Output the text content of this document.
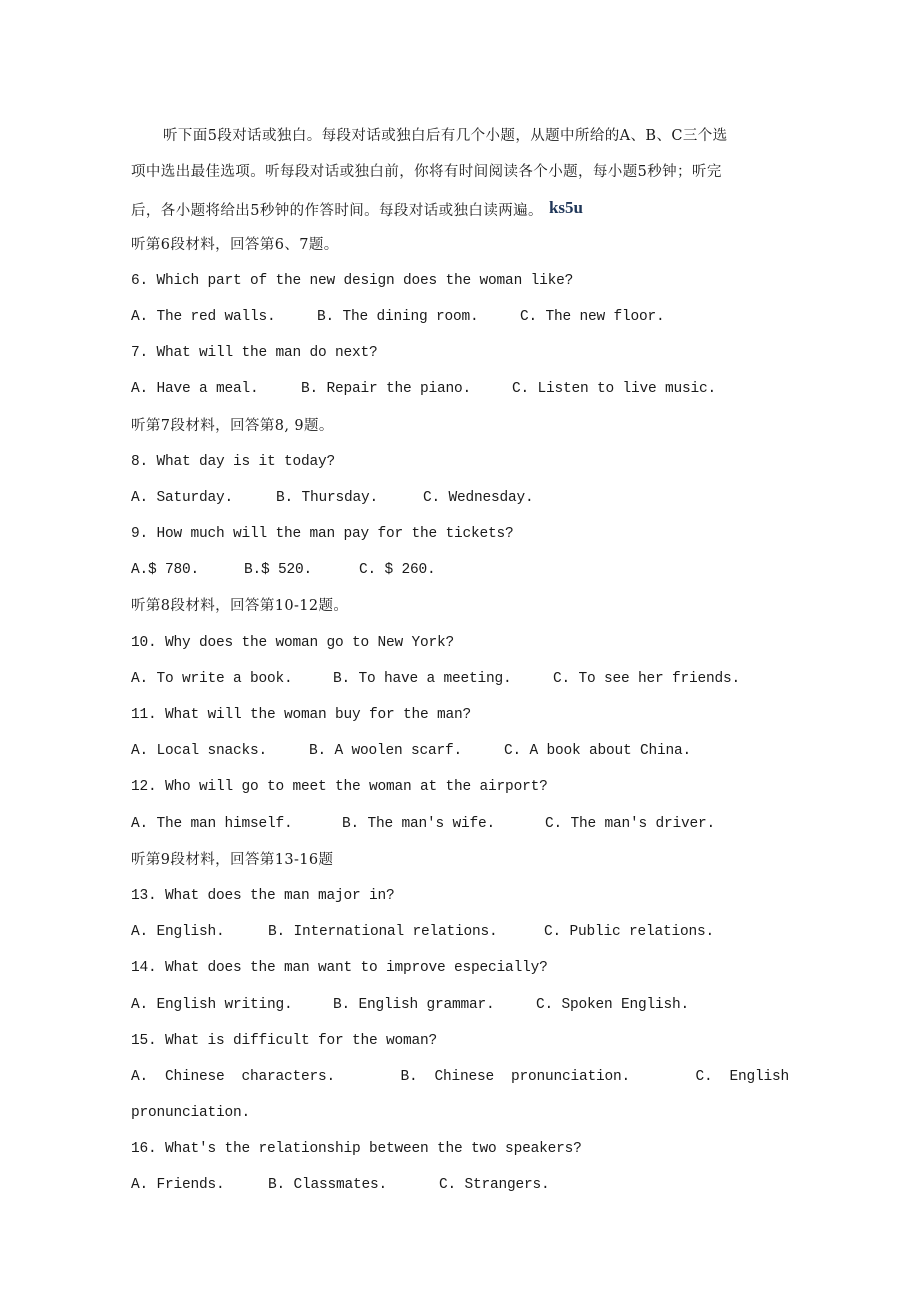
听下面5段对话或独白。每段对话或独白后有几个小题，从题中所给的A、B、C三个选
项中选出最佳选项。听每段对话或独白前，你将有时间阅读各个小题，每小题5秒钟；听完
后，各小题将给出5秒钟的作答时间。每段对话或独白读两遍。 ks5u
听第6段材料，回答第6、7题。
6. Which part of the new design does the woman like?
A. The red walls.	B. The dining room.	C. The new floor.
7. What will the man do next?
A. Have a meal.	B. Repair the piano.	C. Listen to live music.
听第7段材料，回答第8, 9题。
8. What day is it today?
A. Saturday.	B. Thursday.	C. Wednesday.
9. How much will the man pay for the tickets?
A.$ 780.	B.$ 520.	C. $ 260.
听第8段材料，回答第10-12题。
10. Why does the woman go to New York?
A. To write a book.	B. To have a meeting.	C. To see her friends.
11. What will the woman buy for the man?
A. Local snacks.	B. A woolen scarf.	C. A book about China.
12. Who will go to meet the woman at the airport?
A. The man himself.	B. The man's wife.	C. The man's driver.
听第9段材料，回答第13-16题
13. What does the man major in?
A. English.	B. International relations.	C. Public relations.
14. What does the man want to improve especially?
A. English writing.	B. English grammar.	C. Spoken English.
15. What is difficult for the woman?
A.  Chinese  characters.	B.  Chinese  pronunciation.	C.  English
pronunciation.
16. What's the relationship between the two speakers?
A. Friends.	B. Classmates.	C. Strangers.
